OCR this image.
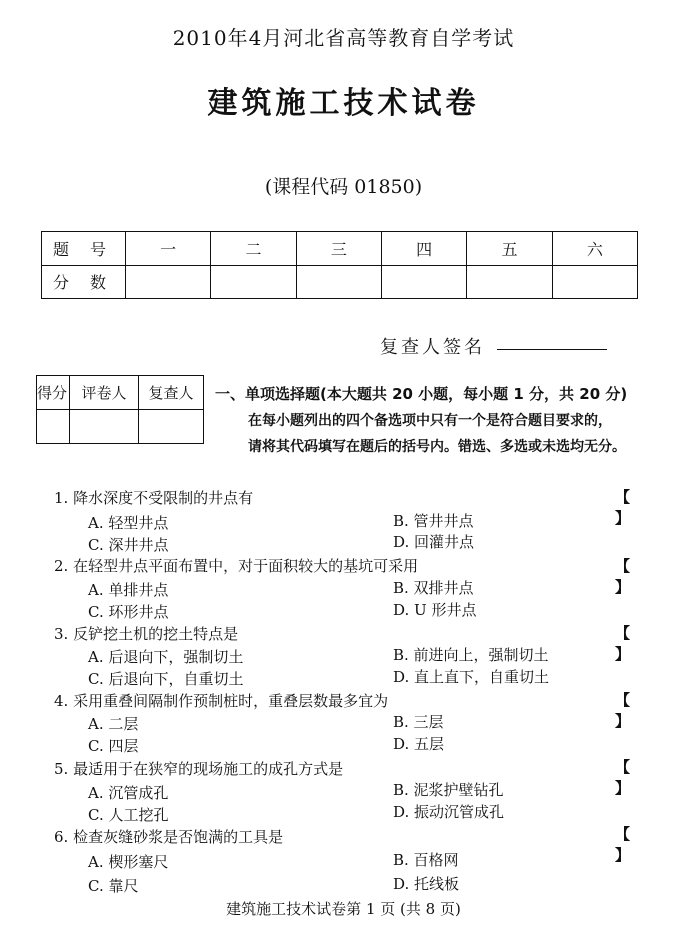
2010年4月河北省高等教育自学考试
建筑施工技术试卷
(课程代码 01850)
题 号	一	二	三	四	五	六
分 数						
复查人签名
得分	评卷人	复查人
		一、单项选择题(本大题共 20 小题，每小题 1 分，共 20 分)
在每小题列出的四个备选项中只有一个是符合题目要求的，
请将其代码填写在题后的括号内。错选、多选或未选均无分。
1. 降水深度不受限制的井点有	【 】
A. 轻型井点	B. 管井井点
C. 深井井点	D. 回灌井点
2. 在轻型井点平面布置中，对于面积较大的基坑可采用	【 】
A. 单排井点	B. 双排井点
C. 环形井点	D. U 形井点
3. 反铲挖土机的挖土特点是	【 】
A. 后退向下，强制切土	B. 前进向上，强制切土
C. 后退向下，自重切土	D. 直上直下，自重切土
4. 采用重叠间隔制作预制桩时，重叠层数最多宜为	【 】
A. 二层	B. 三层
C. 四层	D. 五层
5. 最适用于在狭窄的现场施工的成孔方式是	【 】
A. 沉管成孔	B. 泥浆护壁钻孔
C. 人工挖孔	D. 振动沉管成孔
6. 检查灰缝砂浆是否饱满的工具是	【 】
A. 楔形塞尺	B. 百格网
C. 靠尺	D. 托线板
建筑施工技术试卷第 1 页 (共 8 页)
